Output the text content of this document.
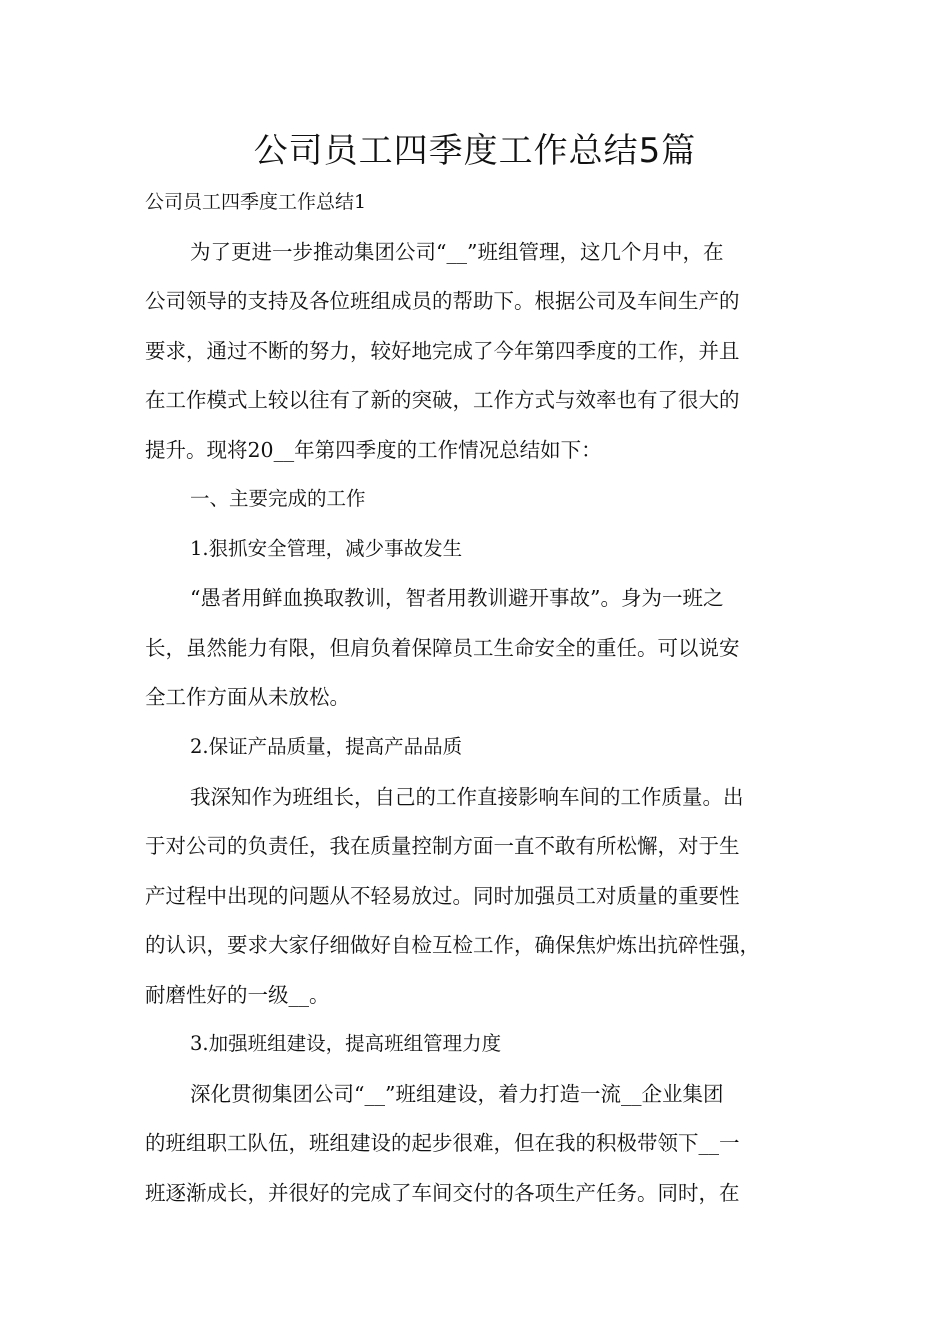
公司员工四季度工作总结5篇
公司员工四季度工作总结1
为了更进一步推动集团公司“__”班组管理，这几个月中，在
公司领导的支持及各位班组成员的帮助下。根据公司及车间生产的
要求，通过不断的努力，较好地完成了今年第四季度的工作，并且
在工作模式上较以往有了新的突破，工作方式与效率也有了很大的
提升。现将20__年第四季度的工作情况总结如下：
一、主要完成的工作
1.狠抓安全管理，减少事故发生
“愚者用鲜血换取教训，智者用教训避开事故”。身为一班之
长，虽然能力有限，但肩负着保障员工生命安全的重任。可以说安
全工作方面从未放松。
2.保证产品质量，提高产品品质
我深知作为班组长，自己的工作直接影响车间的工作质量。出
于对公司的负责任，我在质量控制方面一直不敢有所松懈，对于生
产过程中出现的问题从不轻易放过。同时加强员工对质量的重要性
的认识，要求大家仔细做好自检互检工作，确保焦炉炼出抗碎性强，
耐磨性好的一级__。
3.加强班组建设，提高班组管理力度
深化贯彻集团公司“__”班组建设，着力打造一流__企业集团
的班组职工队伍，班组建设的起步很难，但在我的积极带领下__一
班逐渐成长，并很好的完成了车间交付的各项生产任务。同时，在
